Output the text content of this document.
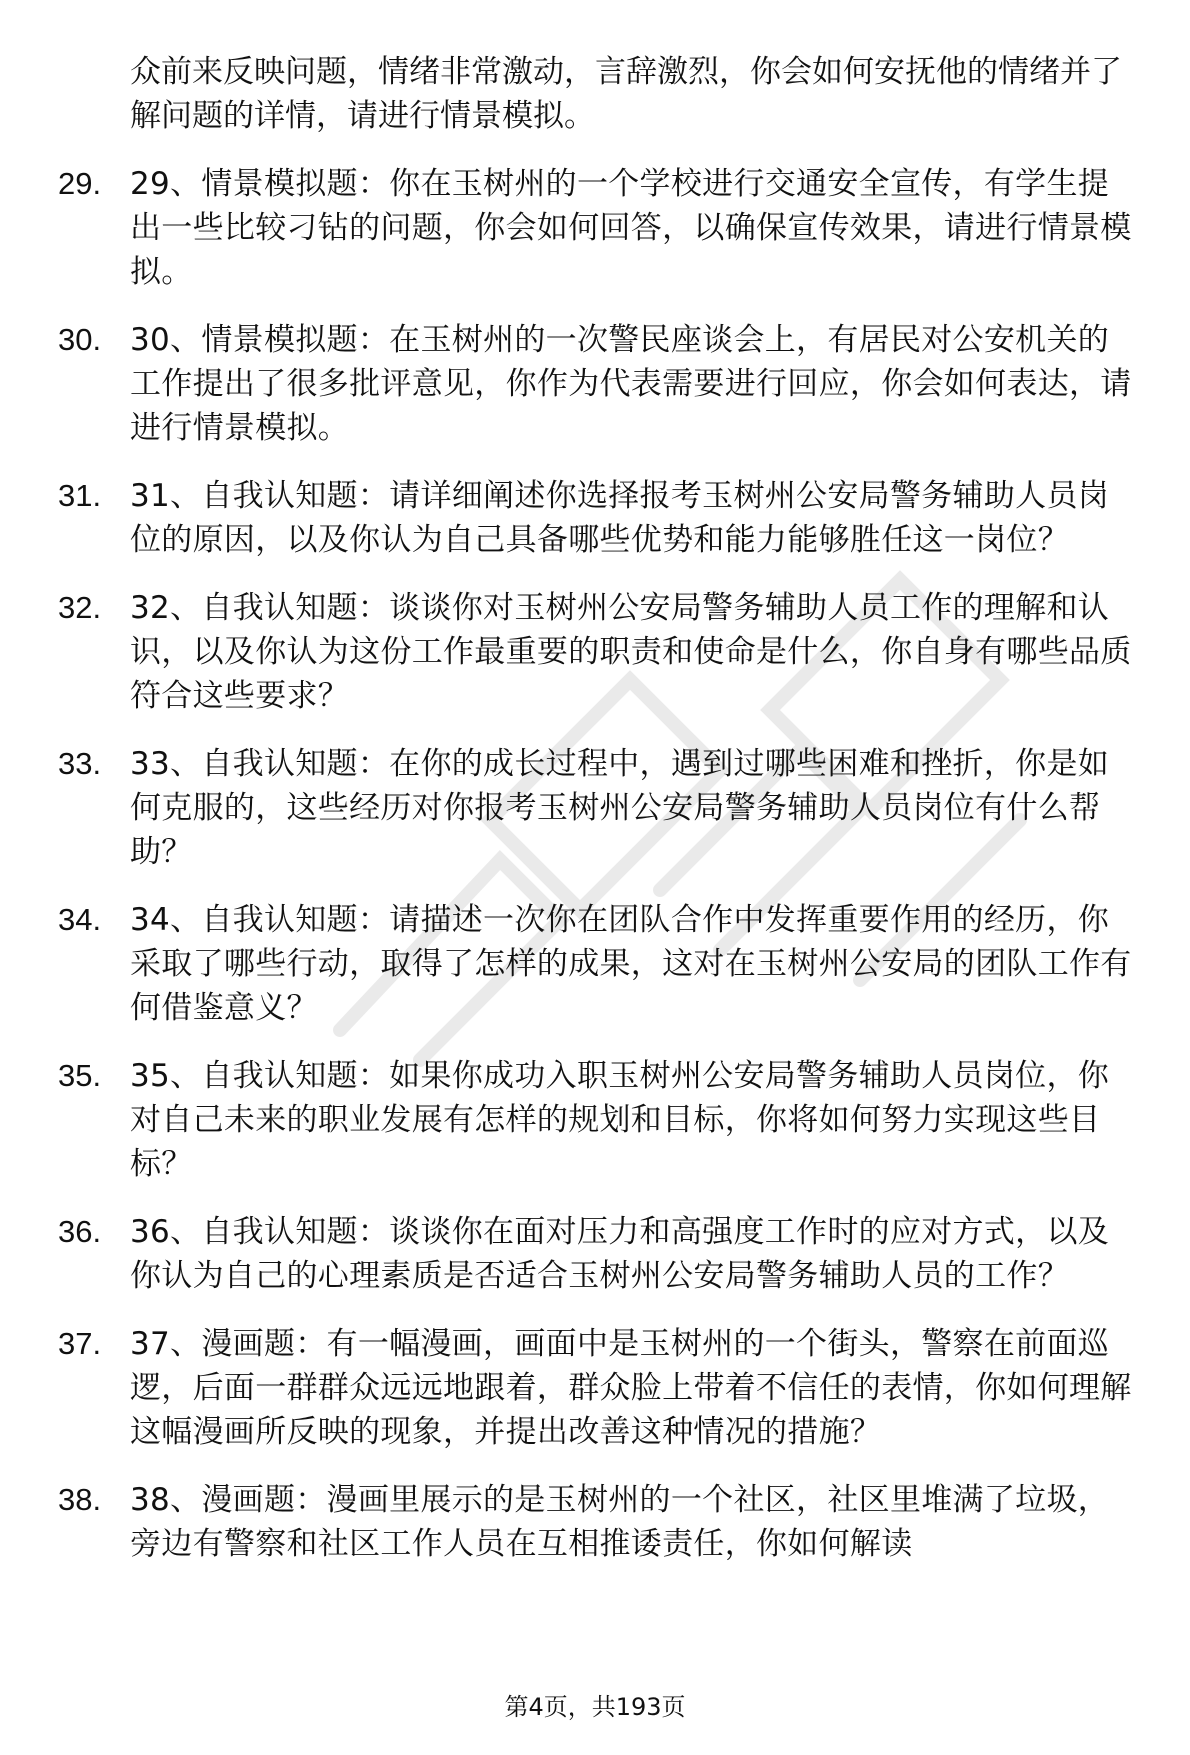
众前来反映问题，情绪非常激动，言辞激烈，你会如何安抚他的情绪并了解问题的详情，请进行情景模拟。
29. 29、情景模拟题：你在玉树州的一个学校进行交通安全宣传，有学生提出一些比较刁钻的问题，你会如何回答，以确保宣传效果，请进行情景模拟。
30. 30、情景模拟题：在玉树州的一次警民座谈会上，有居民对公安机关的工作提出了很多批评意见，你作为代表需要进行回应，你会如何表达，请进行情景模拟。
31. 31、自我认知题：请详细阐述你选择报考玉树州公安局警务辅助人员岗位的原因，以及你认为自己具备哪些优势和能力能够胜任这一岗位？
32. 32、自我认知题：谈谈你对玉树州公安局警务辅助人员工作的理解和认识，以及你认为这份工作最重要的职责和使命是什么，你自身有哪些品质符合这些要求？
33. 33、自我认知题：在你的成长过程中，遇到过哪些困难和挫折，你是如何克服的，这些经历对你报考玉树州公安局警务辅助人员岗位有什么帮助？
34. 34、自我认知题：请描述一次你在团队合作中发挥重要作用的经历，你采取了哪些行动，取得了怎样的成果，这对在玉树州公安局的团队工作有何借鉴意义？
35. 35、自我认知题：如果你成功入职玉树州公安局警务辅助人员岗位，你对自己未来的职业发展有怎样的规划和目标，你将如何努力实现这些目标？
36. 36、自我认知题：谈谈你在面对压力和高强度工作时的应对方式，以及你认为自己的心理素质是否适合玉树州公安局警务辅助人员的工作？
37. 37、漫画题：有一幅漫画，画面中是玉树州的一个街头，警察在前面巡逻，后面一群群众远远地跟着，群众脸上带着不信任的表情，你如何理解这幅漫画所反映的现象，并提出改善这种情况的措施？
38. 38、漫画题：漫画里展示的是玉树州的一个社区，社区里堆满了垃圾，旁边有警察和社区工作人员在互相推诿责任，你如何解读
第4页，共193页
